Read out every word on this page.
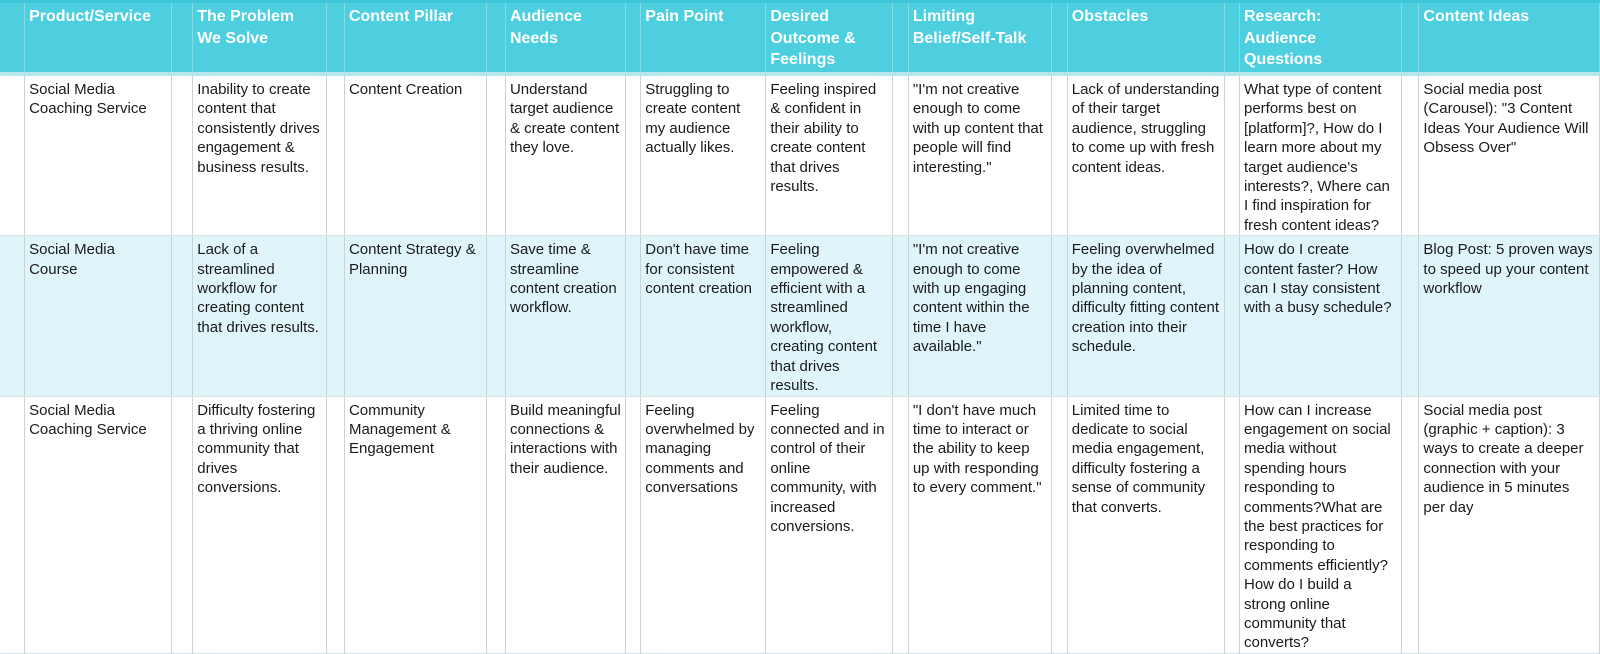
	Product/Service		The Problem We Solve		Content Pillar		Audience Needs		Pain Point	Desired Outcome & Feelings		Limiting Belief/Self-Talk		Obstacles		Research: Audience Questions		Content Ideas

	Social Media Coaching Service		Inability to create content that consistently drives engagement & business results.		Content Creation		Understand target audience & create content they love.		Struggling to create content my audience actually likes.	Feeling inspired & confident in their ability to create content that drives results.		"I'm not creative enough to come with up content that people will find interesting."		Lack of understanding of their target audience, struggling to come up with fresh content ideas.		What type of content performs best on [platform]?, How do I learn more about my target audience's interests?, Where can I find inspiration for fresh content ideas?		Social media post (Carousel): "3 Content Ideas Your Audience Will Obsess Over"

	Social Media Course		Lack of a streamlined workflow for creating content that drives results.		Content Strategy & Planning		Save time & streamline content creation workflow.		Don't have time for consistent content creation	Feeling empowered & efficient with a streamlined workflow, creating content that drives results.		"I'm not creative enough to come with up engaging content within the time I have available."		Feeling overwhelmed by the idea of planning content, difficulty fitting content creation into their schedule.		How do I create content faster? How can I stay consistent with a busy schedule?		Blog Post: 5 proven ways to speed up your content workflow

	Social Media Coaching Service		Difficulty fostering a thriving online community that drives conversions.		Community Management & Engagement		Build meaningful connections & interactions with their audience.		Feeling overwhelmed by managing comments and conversations	Feeling connected and in control of their online community, with increased conversions.		"I don't have much time to interact or the ability to keep up with responding to every comment."		Limited time to dedicate to social media engagement, difficulty fostering a sense of community that converts.		How can I increase engagement on social media without spending hours responding to comments?What are the best practices for responding to comments efficiently? How do I build a strong online community that converts?		Social media post (graphic + caption): 3 ways to create a deeper connection with your audience in 5 minutes per day
